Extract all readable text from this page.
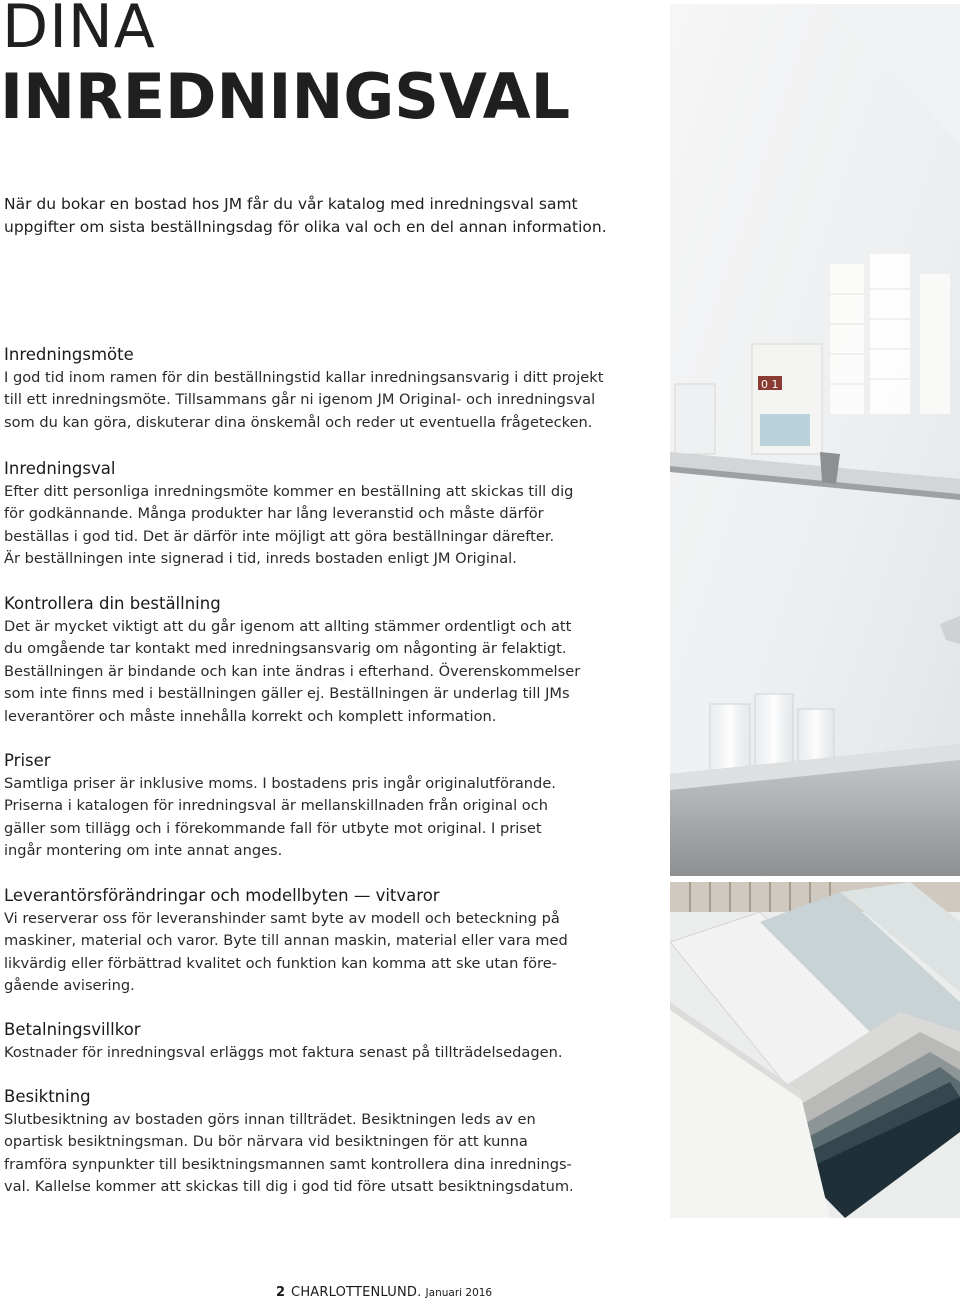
DINA
INREDNINGSVAL
När du bokar en bostad hos JM får du vår katalog med inredningsval samt
uppgifter om sista beställningsdag för olika val och en del annan information.
Inredningsmöte

I god tid inom ramen för din beställningstid kallar inredningsansvarig i ditt projekt

till ett inredningsmöte. Tillsammans går ni igenom JM Original- och inredningsval

som du kan göra, diskuterar dina önskemål och reder ut eventuella frågetecken.

Inredningsval

Efter ditt personliga inredningsmöte kommer en beställning att skickas till dig

för godkännande. Många produkter har lång leveranstid och måste därför

beställas i god tid. Det är därför inte möjligt att göra beställningar därefter.

Är beställningen inte signerad i tid, inreds bostaden enligt JM Original.

Kontrollera din beställning

Det är mycket viktigt att du går igenom att allting stämmer ordentligt och att

du omgående tar kontakt med inredningsansvarig om någonting är felaktigt.

Beställningen är bindande och kan inte ändras i efterhand. Överenskommelser

som inte finns med i beställningen gäller ej. Beställningen är underlag till JMs

leverantörer och måste innehålla korrekt och komplett information.

Priser

Samtliga priser är inklusive moms. I bostadens pris ingår originalutförande.

Priserna i katalogen för inredningsval är mellanskillnaden från original och

gäller som tillägg och i förekommande fall för utbyte mot original. I priset

ingår montering om inte annat anges.

Leverantörsförändringar och modellbyten — vitvaror

Vi reserverar oss för leveranshinder samt byte av modell och beteckning på

maskiner, material och varor. Byte till annan maskin, material eller vara med

likvärdig eller förbättrad kvalitet och funktion kan komma att ske utan före-

gående avisering.

Betalningsvillkor

Kostnader för inredningsval erläggs mot faktura senast på tillträdelsedagen.

Besiktning

Slutbesiktning av bostaden görs innan tillträdet. Besiktningen leds av en

opartisk besiktningsman. Du bör närvara vid besiktningen för att kunna

framföra synpunkter till besiktningsmannen samt kontrollera dina inrednings-

val. Kallelse kommer att skickas till dig i god tid före utsatt besiktningsdatum.

0 1
2 CHARLOTTENLUND. Januari 2016
